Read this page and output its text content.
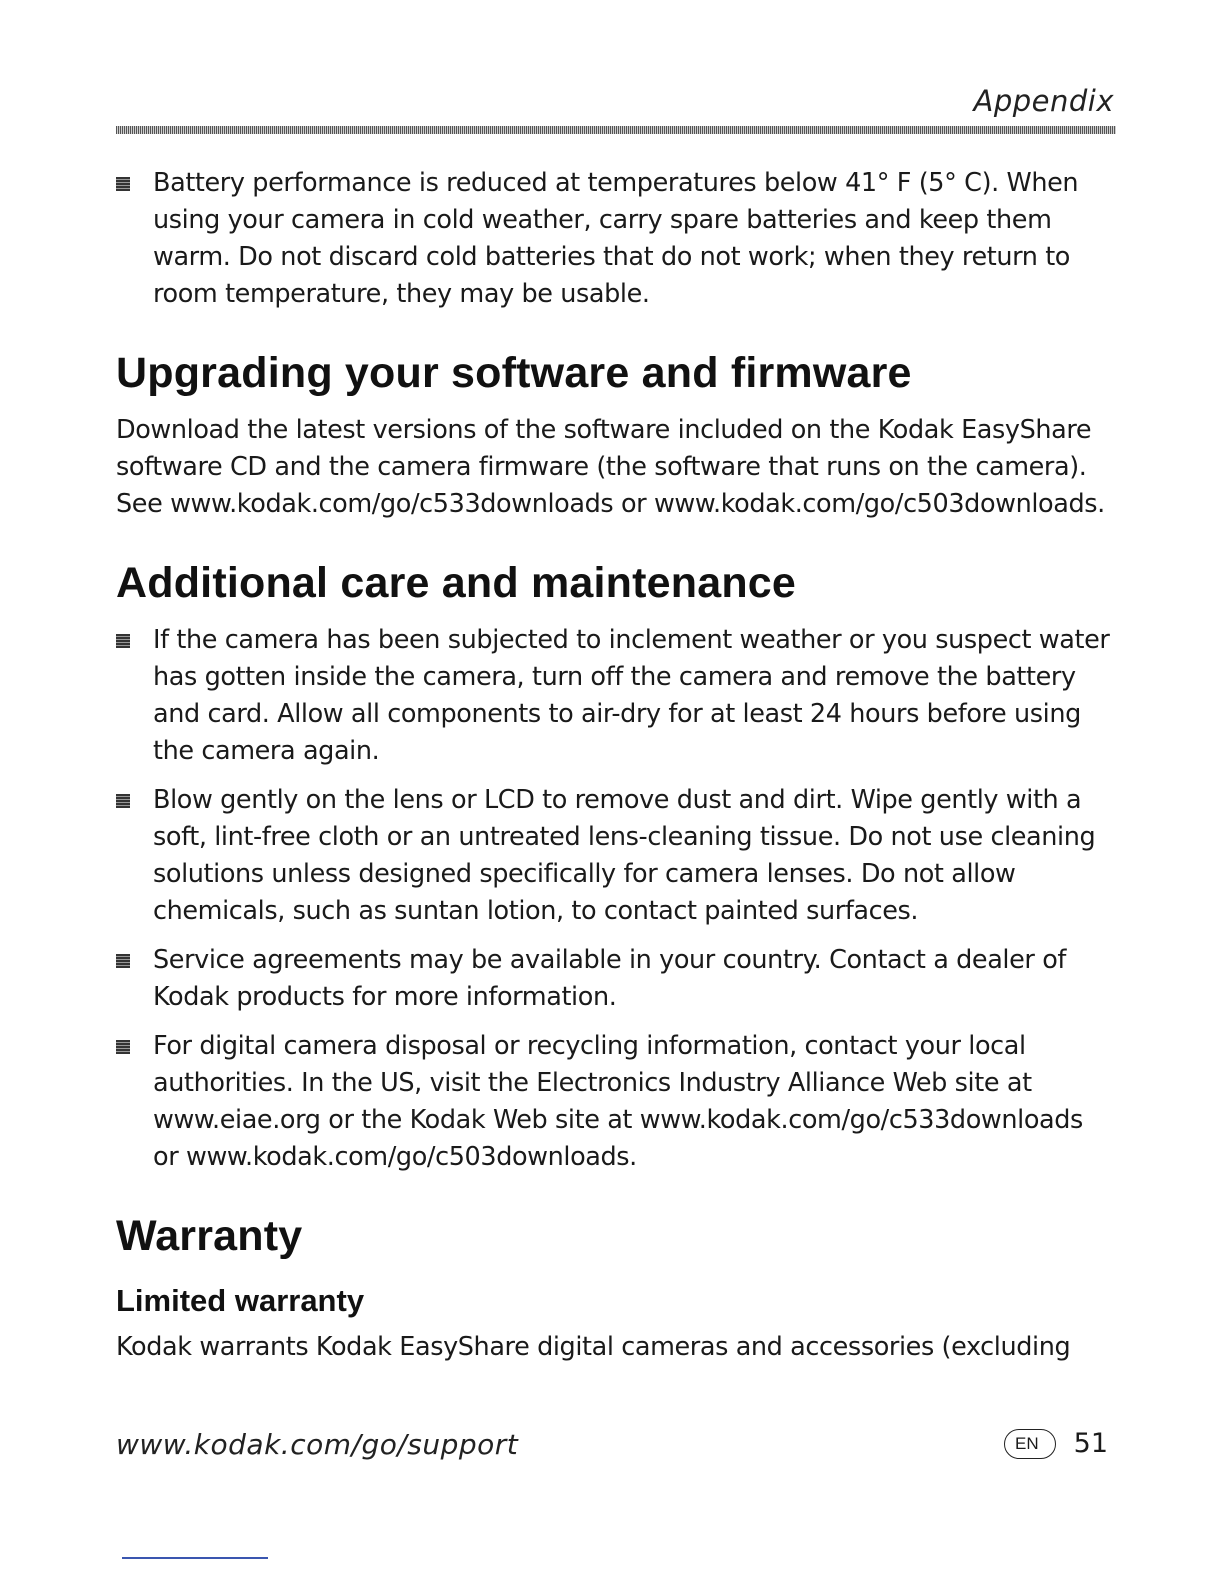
Appendix
Battery performance is reduced at temperatures below 41° F (5° C). When using your camera in cold weather, carry spare batteries and keep them warm. Do not discard cold batteries that do not work; when they return to room temperature, they may be usable.
Upgrading your software and firmware

Download the latest versions of the software included on the Kodak EasyShare software CD and the camera firmware (the software that runs on the camera). See www.kodak.com/go/c533downloads or www.kodak.com/go/c503downloads.

Additional care and maintenance
If the camera has been subjected to inclement weather or you suspect water has gotten inside the camera, turn off the camera and remove the battery and card. Allow all components to air-dry for at least 24 hours before using the camera again.
Blow gently on the lens or LCD to remove dust and dirt. Wipe gently with a soft, lint-free cloth or an untreated lens-cleaning tissue. Do not use cleaning solutions unless designed specifically for camera lenses. Do not allow chemicals, such as suntan lotion, to contact painted surfaces.
Service agreements may be available in your country. Contact a dealer of Kodak products for more information.
For digital camera disposal or recycling information, contact your local authorities. In the US, visit the Electronics Industry Alliance Web site at www.eiae.org or the Kodak Web site at www.kodak.com/go/c533downloads or www.kodak.com/go/c503downloads.
Warranty
Limited warranty

Kodak warrants Kodak EasyShare digital cameras and accessories (excluding

www.kodak.com/go/support	EN	51
